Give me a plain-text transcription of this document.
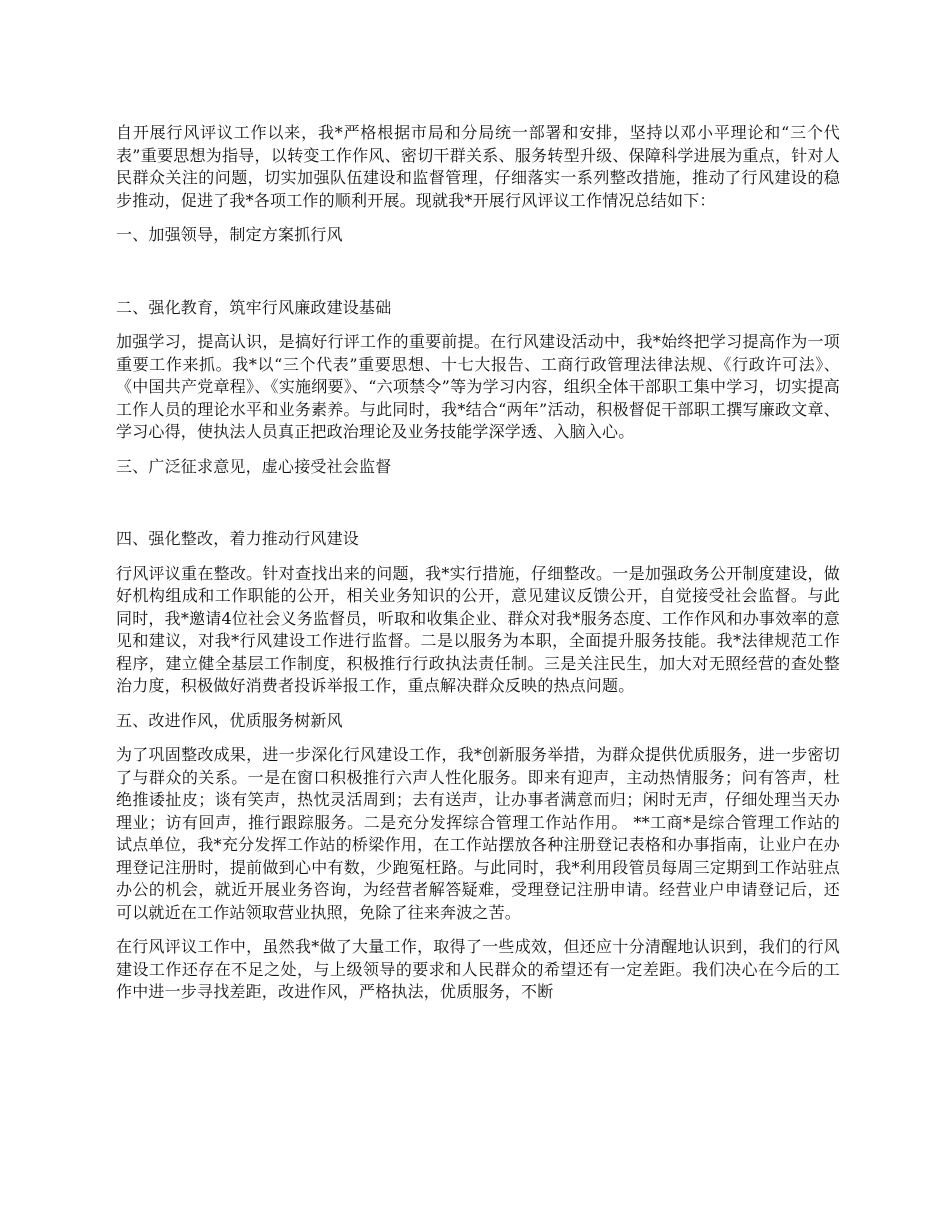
自开展行风评议工作以来，我*严格根据市局和分局统一部署和安排，坚持以邓小平理论和“三个代表”重要思想为指导，以转变工作作风、密切干群关系、服务转型升级、保障科学进展为重点，针对人民群众关注的问题，切实加强队伍建设和监督管理，仔细落实一系列整改措施，推动了行风建设的稳步推动，促进了我*各项工作的顺利开展。现就我*开展行风评议工作情况总结如下：

一、加强领导，制定方案抓行风

二、强化教育，筑牢行风廉政建设基础

加强学习，提高认识，是搞好行评工作的重要前提。在行风建设活动中，我*始终把学习提高作为一项重要工作来抓。我*以“三个代表”重要思想、十七大报告、工商行政管理法律法规、《行政许可法》、《中国共产党章程》、《实施纲要》、“六项禁令”等为学习内容，组织全体干部职工集中学习，切实提高工作人员的理论水平和业务素养。与此同时，我*结合“两年”活动，积极督促干部职工撰写廉政文章、学习心得，使执法人员真正把政治理论及业务技能学深学透、入脑入心。

三、广泛征求意见，虚心接受社会监督

四、强化整改，着力推动行风建设

行风评议重在整改。针对查找出来的问题，我*实行措施，仔细整改。一是加强政务公开制度建设，做好机构组成和工作职能的公开，相关业务知识的公开，意见建议反馈公开，自觉接受社会监督。与此同时，我*邀请4位社会义务监督员，听取和收集企业、群众对我*服务态度、工作作风和办事效率的意见和建议，对我*行风建设工作进行监督。二是以服务为本职，全面提升服务技能。我*法律规范工作程序，建立健全基层工作制度，积极推行行政执法责任制。三是关注民生，加大对无照经营的查处整治力度，积极做好消费者投诉举报工作，重点解决群众反映的热点问题。

五、改进作风，优质服务树新风

为了巩固整改成果，进一步深化行风建设工作，我*创新服务举措，为群众提供优质服务，进一步密切了与群众的关系。一是在窗口积极推行六声人性化服务。即来有迎声，主动热情服务；问有答声，杜绝推诿扯皮；谈有笑声，热忱灵活周到；去有送声，让办事者满意而归；闲时无声，仔细处理当天办理业；访有回声，推行跟踪服务。二是充分发挥综合管理工作站作用。 **工商*是综合管理工作站的试点单位，我*充分发挥工作站的桥梁作用，在工作站摆放各种注册登记表格和办事指南，让业户在办理登记注册时，提前做到心中有数，少跑冤枉路。与此同时，我*利用段管员每周三定期到工作站驻点办公的机会，就近开展业务咨询，为经营者解答疑难，受理登记注册申请。经营业户申请登记后，还可以就近在工作站领取营业执照，免除了往来奔波之苦。

在行风评议工作中，虽然我*做了大量工作，取得了一些成效，但还应十分清醒地认识到，我们的行风建设工作还存在不足之处，与上级领导的要求和人民群众的希望还有一定差距。我们决心在今后的工作中进一步寻找差距，改进作风，严格执法，优质服务，不断
